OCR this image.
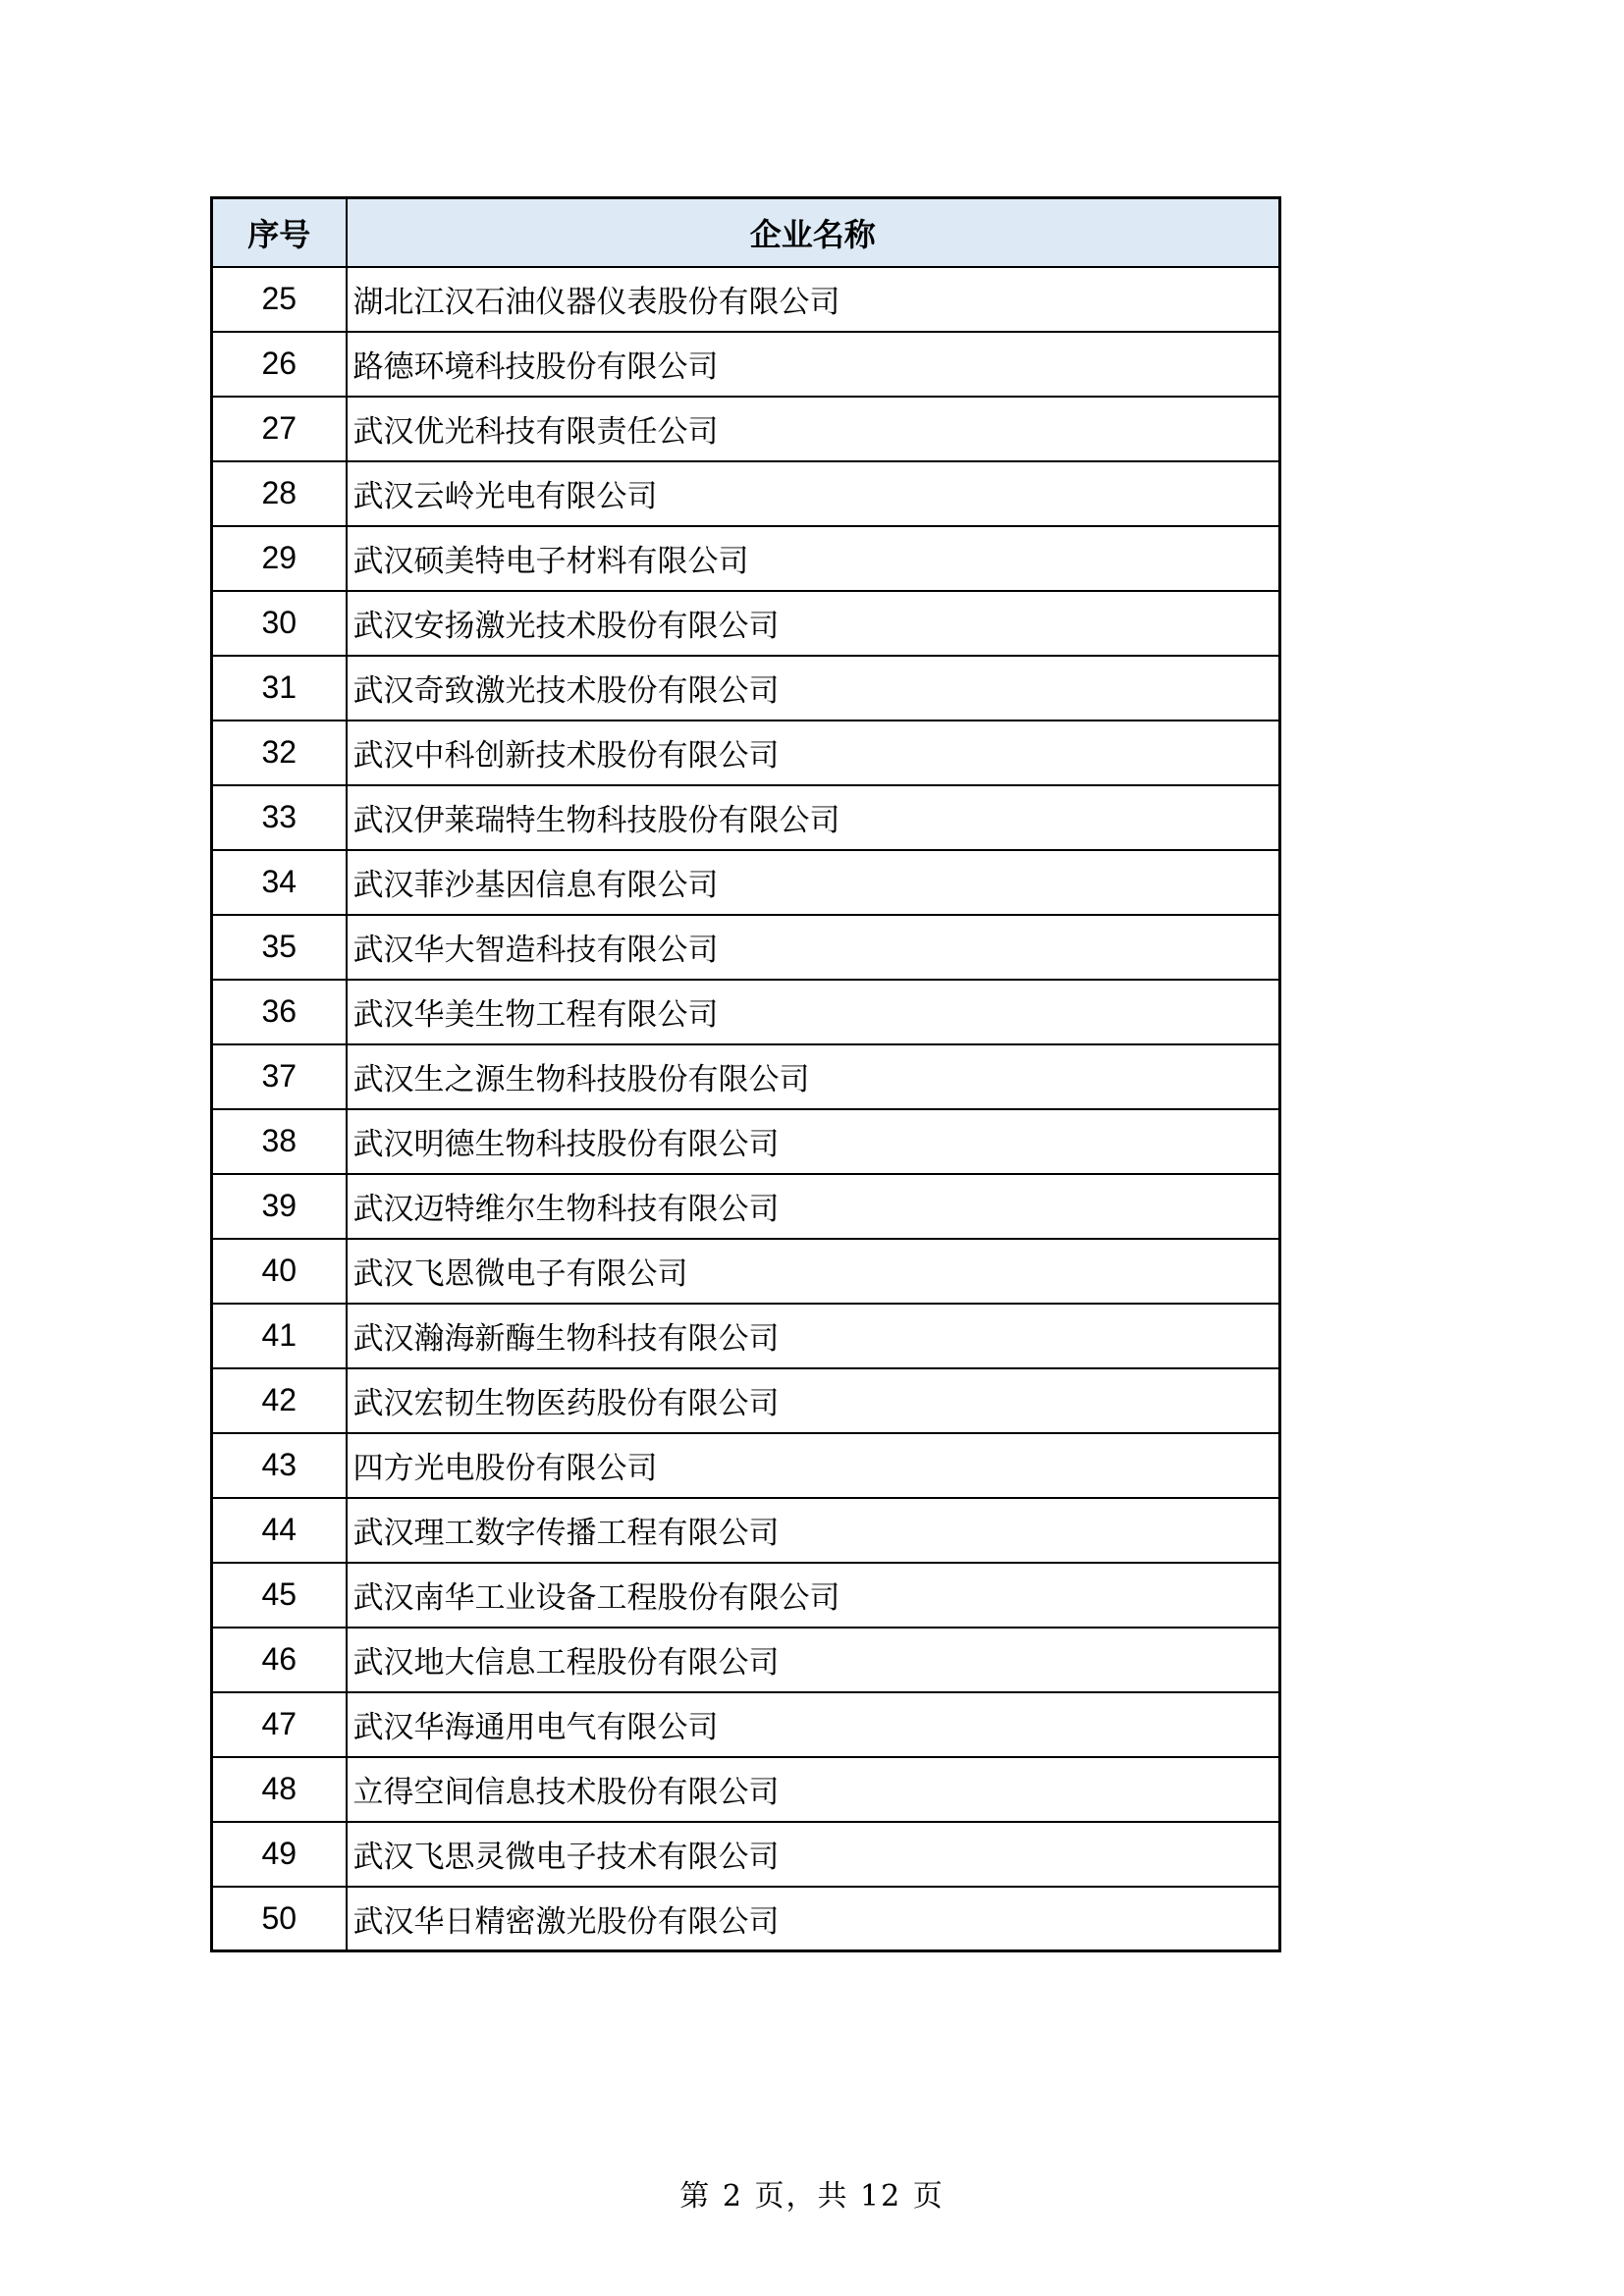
序号	企业名称
25	湖北江汉石油仪器仪表股份有限公司
26	路德环境科技股份有限公司
27	武汉优光科技有限责任公司
28	武汉云岭光电有限公司
29	武汉硕美特电子材料有限公司
30	武汉安扬激光技术股份有限公司
31	武汉奇致激光技术股份有限公司
32	武汉中科创新技术股份有限公司
33	武汉伊莱瑞特生物科技股份有限公司
34	武汉菲沙基因信息有限公司
35	武汉华大智造科技有限公司
36	武汉华美生物工程有限公司
37	武汉生之源生物科技股份有限公司
38	武汉明德生物科技股份有限公司
39	武汉迈特维尔生物科技有限公司
40	武汉飞恩微电子有限公司
41	武汉瀚海新酶生物科技有限公司
42	武汉宏韧生物医药股份有限公司
43	四方光电股份有限公司
44	武汉理工数字传播工程有限公司
45	武汉南华工业设备工程股份有限公司
46	武汉地大信息工程股份有限公司
47	武汉华海通用电气有限公司
48	立得空间信息技术股份有限公司
49	武汉飞思灵微电子技术有限公司
50	武汉华日精密激光股份有限公司
第 2 页，共 12 页
